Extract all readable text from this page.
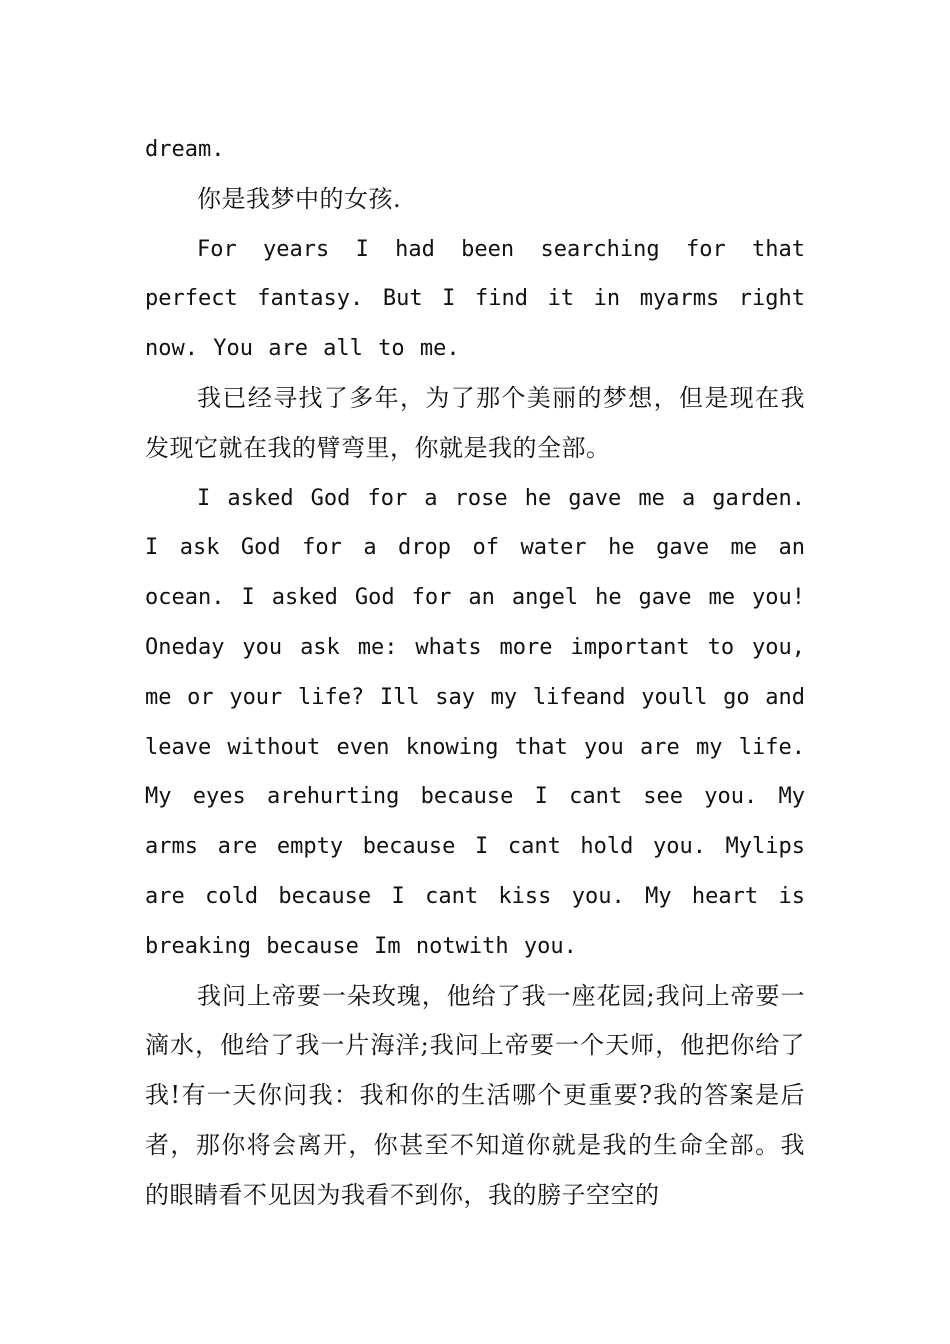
dream.

你是我梦中的女孩.

For years I had been searching for that perfect fantasy. But I find it in myarms right now. You are all to me.

我已经寻找了多年，为了那个美丽的梦想，但是现在我发现它就在我的臂弯里，你就是我的全部。

I asked God for a rose he gave me a garden. I ask God for a drop of water he gave me an ocean. I asked God for an angel he gave me you! Oneday you ask me: whats more important to you, me or your life? Ill say my lifeand youll go and leave without even knowing that you are my life. My eyes arehurting because I cant see you. My arms are empty because I cant hold you. Mylips are cold because I cant kiss you. My heart is breaking because Im notwith you.

我问上帝要一朵玫瑰，他给了我一座花园;我问上帝要一滴水，他给了我一片海洋;我问上帝要一个天师，他把你给了我!有一天你问我：我和你的生活哪个更重要?我的答案是后者，那你将会离开，你甚至不知道你就是我的生命全部。我的眼睛看不见因为我看不到你，我的膀子空空的
